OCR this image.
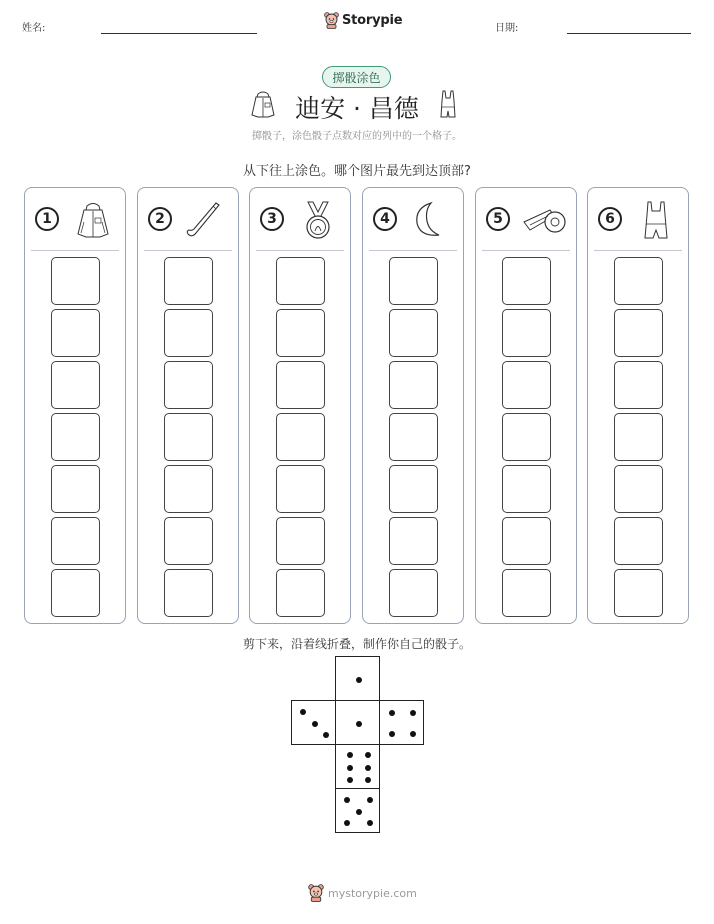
姓名:
Storypie
日期:
掷骰涂色
迪安 · 昌德
掷骰子，涂色骰子点数对应的列中的一个格子。
从下往上涂色。哪个图片最先到达顶部?
1	2	3	4	5	6
剪下来，沿着线折叠，制作你自己的骰子。
mystorypie.com
